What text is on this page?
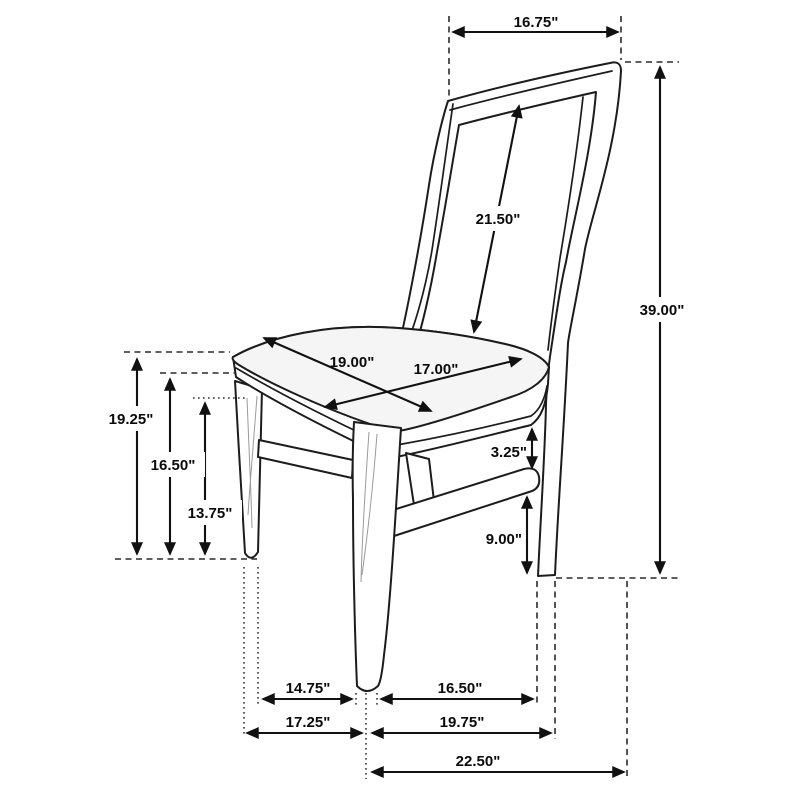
16.75"
21.50"
39.00"
19.00"	17.00"
19.25"
16.50"
13.75"
3.25"
9.00"
14.75"	16.50"
17.25"	19.75"
22.50"
